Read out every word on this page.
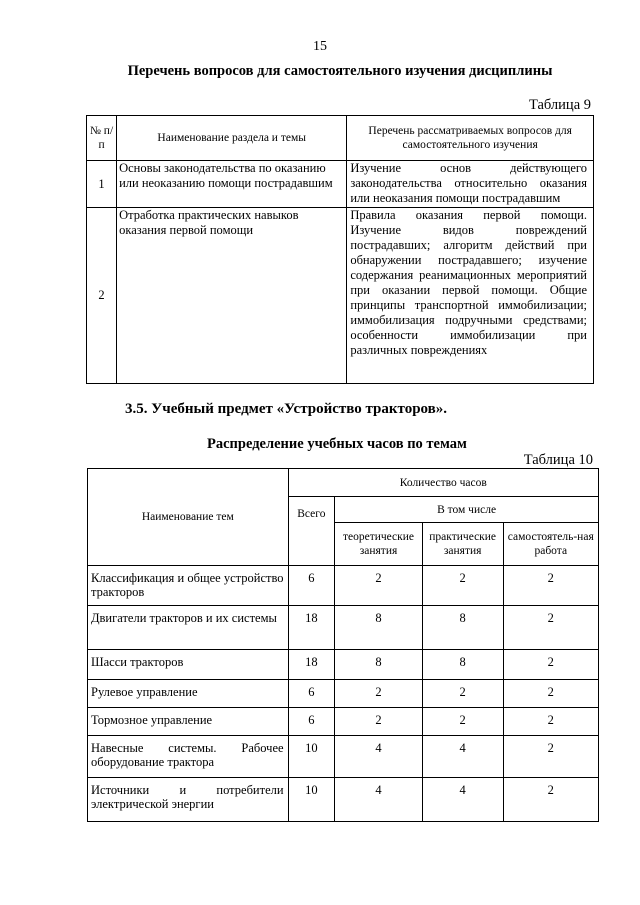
15
Перечень вопросов для самостоятельного изучения дисциплины
Таблица 9
№ п/п	Наименование раздела и темы	Перечень рассматриваемых вопросов для самостоятельного изучения
1	Основы законодательства по оказанию или неоказанию помощи пострадавшим	Изучение основ действующего законодательства относительно оказания или неоказания помощи пострадавшим
2	Отработка практических навыков оказания первой помощи	Правила оказания первой помощи. Изучение видов повреждений пострадавших; алгоритм действий при обнаружении пострадавшего; изучение содержания реанимационных мероприятий при оказании первой помощи. Общие принципы транспортной иммобилизации; иммобилизация подручными средствами; особенности иммобилизации при различных повреждениях
3.5. Учебный предмет «Устройство тракторов».
Распределение учебных часов по темам
Таблица 10
Наименование тем	Количество часов			
	Всего	В том числе		
		теоретические занятия	практические занятия	самостоятель-ная работа
Классификация и общее устройство тракторов	6	2	2	2
Двигатели тракторов и их системы	18	8	8	2
Шасси тракторов	18	8	8	2
Рулевое управление	6	2	2	2
Тормозное управление	6	2	2	2
Навесные системы. Рабочее оборудование трактора	10	4	4	2
Источники и потребители электрической энергии	10	4	4	2
